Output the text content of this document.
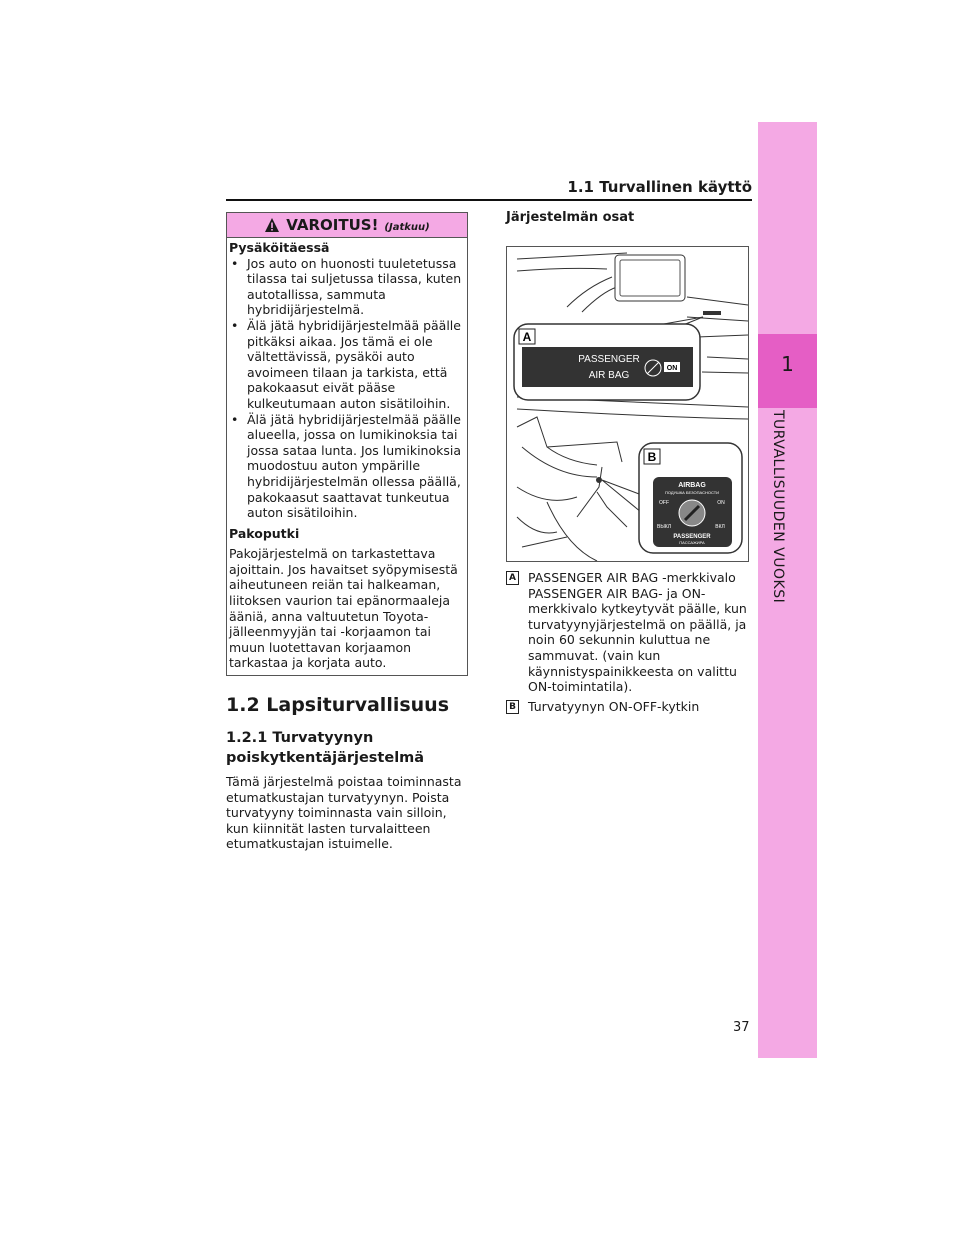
1
TURVALLISUUDEN VUOKSI
1.1 Turvallinen käyttö
VAROITUS! (Jatkuu)
Pysäköitäessä
• Jos auto on huonosti tuuletetussa tilassa tai suljetussa tilassa, kuten autotallissa, sammuta hybridijärjestelmä.
• Älä jätä hybridijärjestelmää päälle pitkäksi aikaa. Jos tämä ei ole vältettävissä, pysäköi auto avoimeen tilaan ja tarkista, että pakokaasut eivät pääse kulkeutumaan auton sisätiloihin.
• Älä jätä hybridijärjestelmää päälle alueella, jossa on lumikinoksia tai jossa sataa lunta. Jos lumikinoksia muodostuu auton ympärille hybridijärjestelmän ollessa päällä, pakokaasut saattavat tunkeutua auton sisätiloihin.
Pakoputki
Pakojärjestelmä on tarkastettava ajoittain. Jos havaitset syöpymisestä aiheutuneen reiän tai halkeaman, liitoksen vaurion tai epänormaaleja ääniä, anna valtuutetun Toyota-jälleenmyyjän tai -korjaamon tai muun luotettavan korjaamon tarkastaa ja korjata auto.
1.2 Lapsiturvallisuus
1.2.1 Turvatyynyn poiskytkentäjärjestelmä
Tämä järjestelmä poistaa toiminnasta etumatkustajan turvatyynyn. Poista turvatyyny toiminnasta vain silloin, kun kiinnität lasten turvalaitteen etumatkustajan istuimelle.
Järjestelmän osat
A
PASSENGER
AIR BAG
ON
B
AIRBAG
ПОДУШКА БЕЗОПАСНОСТИ
OFF	ON
ВЫКЛ	ВКЛ
PASSENGER
ПАССАЖИРА
A PASSENGER AIR BAG -merkkivalo PASSENGER AIR BAG- ja ON-merkkivalo kytkeytyvät päälle, kun turvatyynyjärjestelmä on päällä, ja noin 60 sekunnin kuluttua ne sammuvat. (vain kun käynnistyspainikkeesta on valittu ON-toimintatila).
B Turvatyynyn ON-OFF-kytkin
37
